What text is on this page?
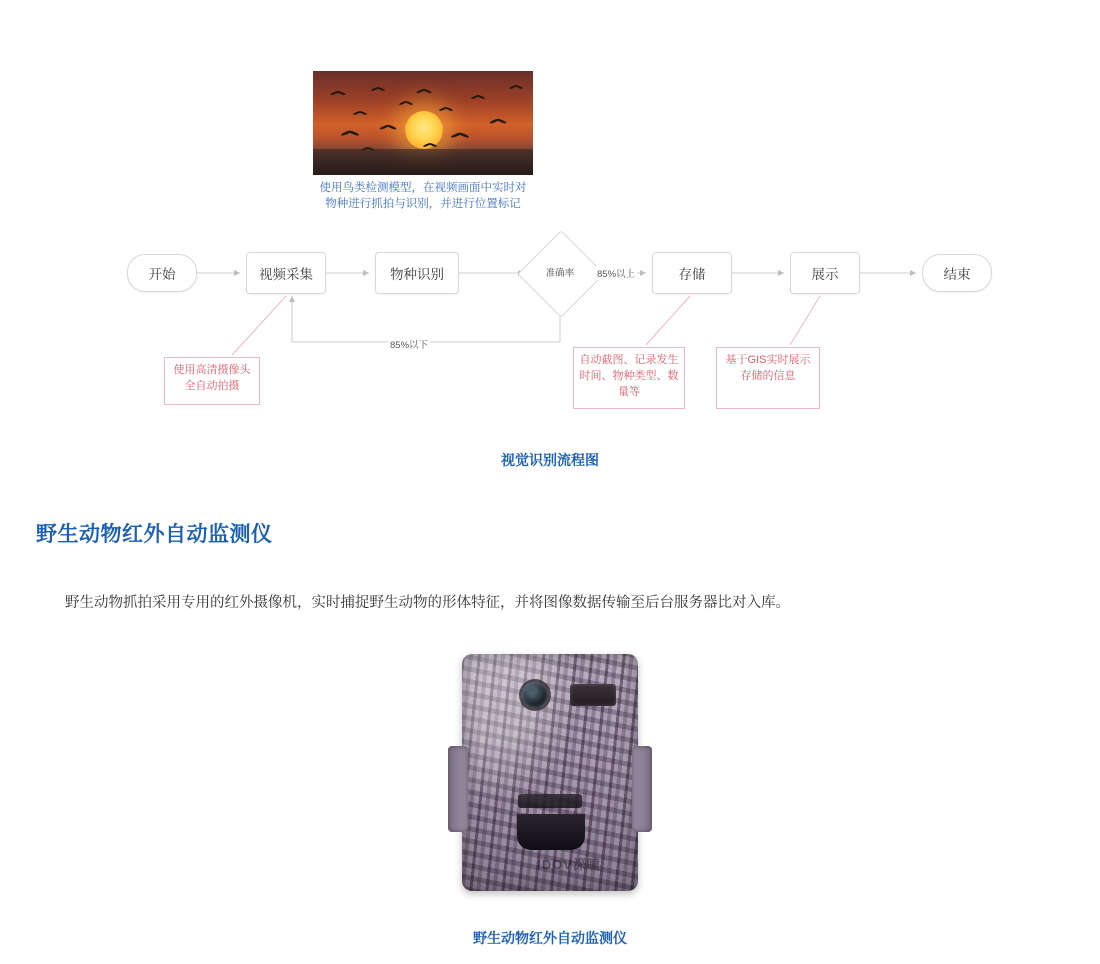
使用鸟类检测模型，在视频画面中实时对
物种进行抓拍与识别，并进行位置标记
开始	视频采集	物种识别	准确率	存储	展示	结束
85%以上
85%以下
使用高清摄像头全自动拍摄
自动截图、记录发生时间、物种类型、数量等
基于GIS实时展示存储的信息
视觉识别流程图
野生动物红外自动监测仪
野生动物抓拍采用专用的红外摄像机，实时捕捉野生动物的形体特征，并将图像数据传输至后台服务器比对入库。
IDOV深瞳
野生动物红外自动监测仪
